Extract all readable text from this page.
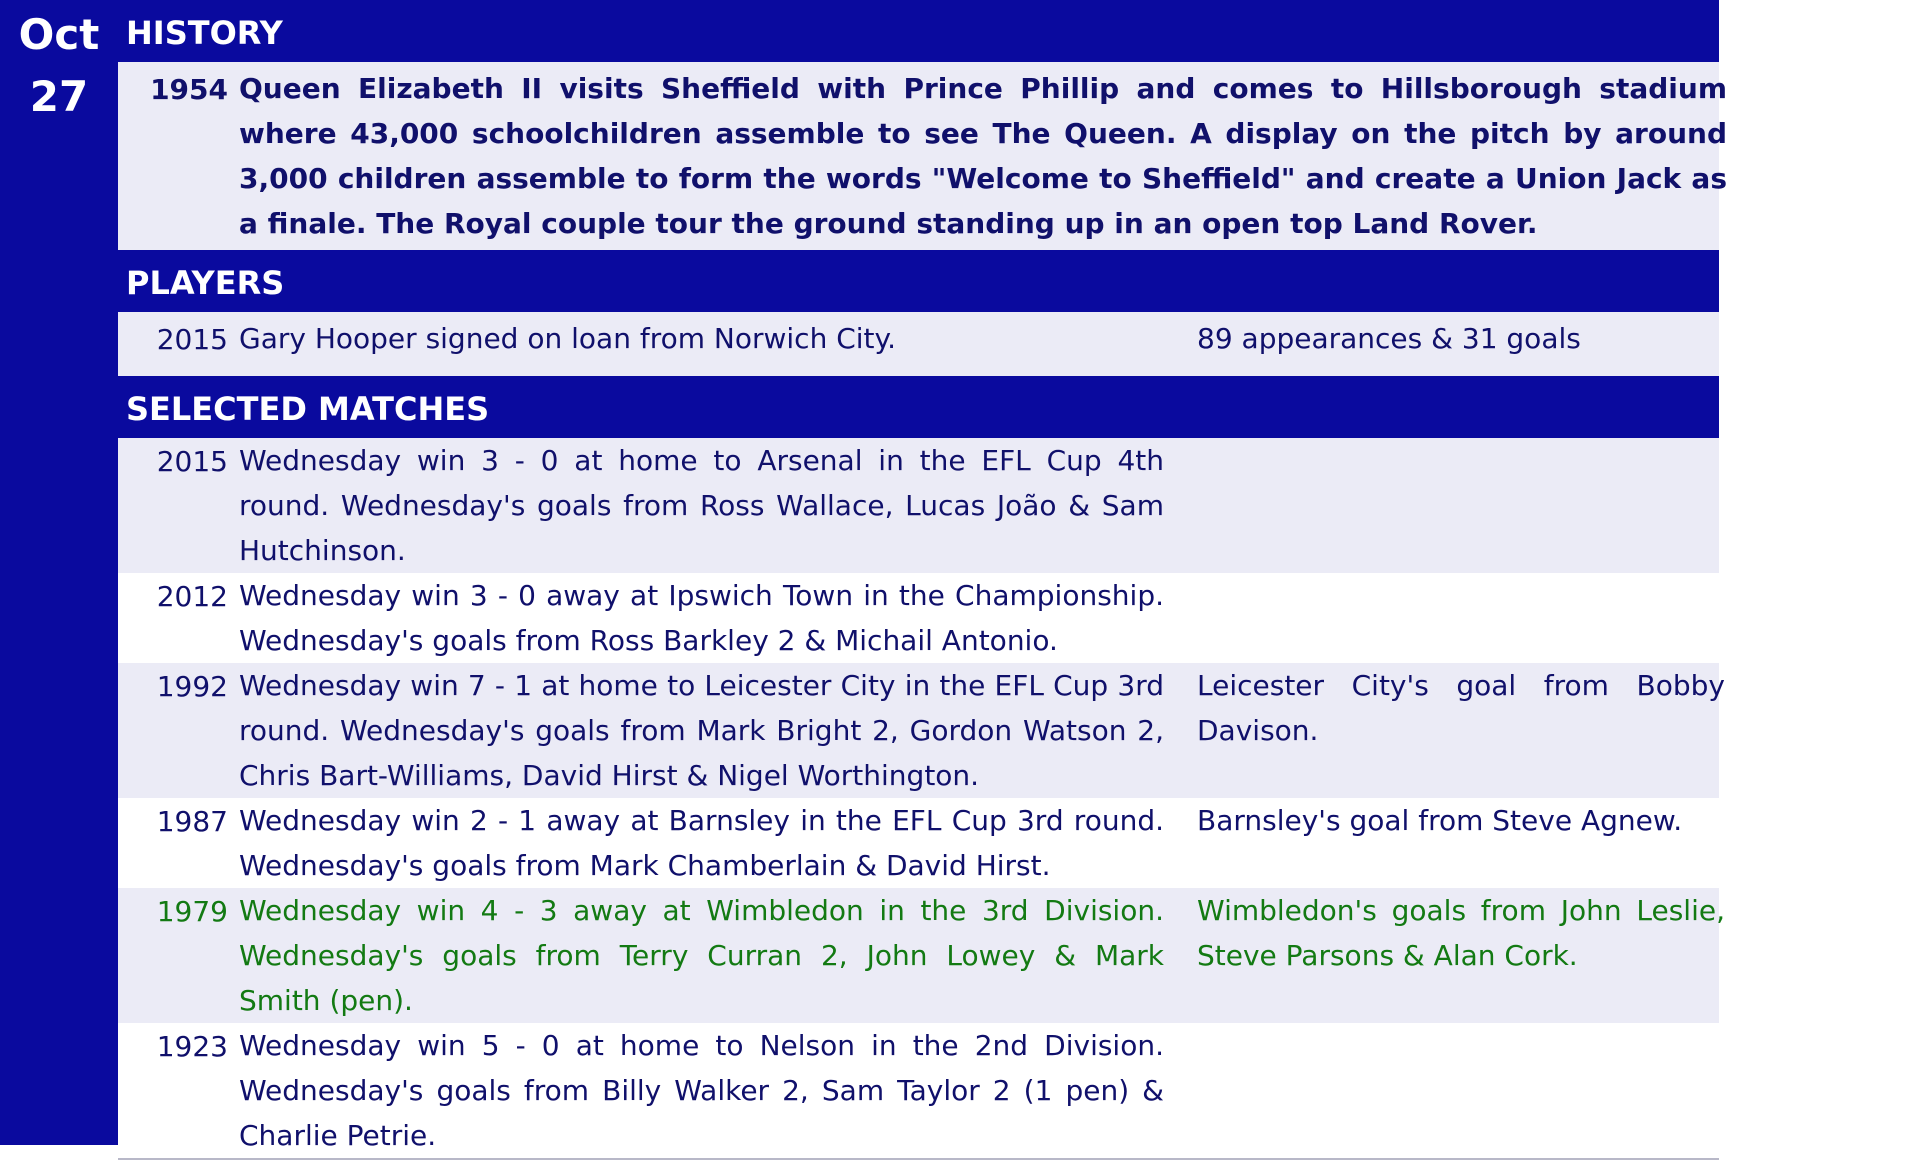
Oct
27
HISTORY
1954 Queen Elizabeth II visits Sheffield with Prince Phillip and comes to Hillsborough stadium where 43,000 schoolchildren assemble to see The Queen. A display on the pitch by around 3,000 children assemble to form the words "Welcome to Sheffield" and create a Union Jack as a finale. The Royal couple tour the ground standing up in an open top Land Rover.
PLAYERS
2015 Gary Hooper signed on loan from Norwich City.	89 appearances & 31 goals
SELECTED MATCHES
2015 Wednesday win 3 - 0 at home to Arsenal in the EFL Cup 4th round. Wednesday's goals from Ross Wallace, Lucas João & Sam Hutchinson.
2012 Wednesday win 3 - 0 away at Ipswich Town in the Championship. Wednesday's goals from Ross Barkley 2 & Michail Antonio.
1992 Wednesday win 7 - 1 at home to Leicester City in the EFL Cup 3rd round. Wednesday's goals from Mark Bright 2, Gordon Watson 2, Chris Bart-Williams, David Hirst & Nigel Worthington.
Leicester City's goal from Bobby Davison.
1987 Wednesday win 2 - 1 away at Barnsley in the EFL Cup 3rd round. Wednesday's goals from Mark Chamberlain & David Hirst.
Barnsley's goal from Steve Agnew.
1979 Wednesday win 4 - 3 away at Wimbledon in the 3rd Division. Wednesday's goals from Terry Curran 2, John Lowey & Mark Smith (pen).
Wimbledon's goals from John Leslie, Steve Parsons & Alan Cork.
1923 Wednesday win 5 - 0 at home to Nelson in the 2nd Division. Wednesday's goals from Billy Walker 2, Sam Taylor 2 (1 pen) & Charlie Petrie.
